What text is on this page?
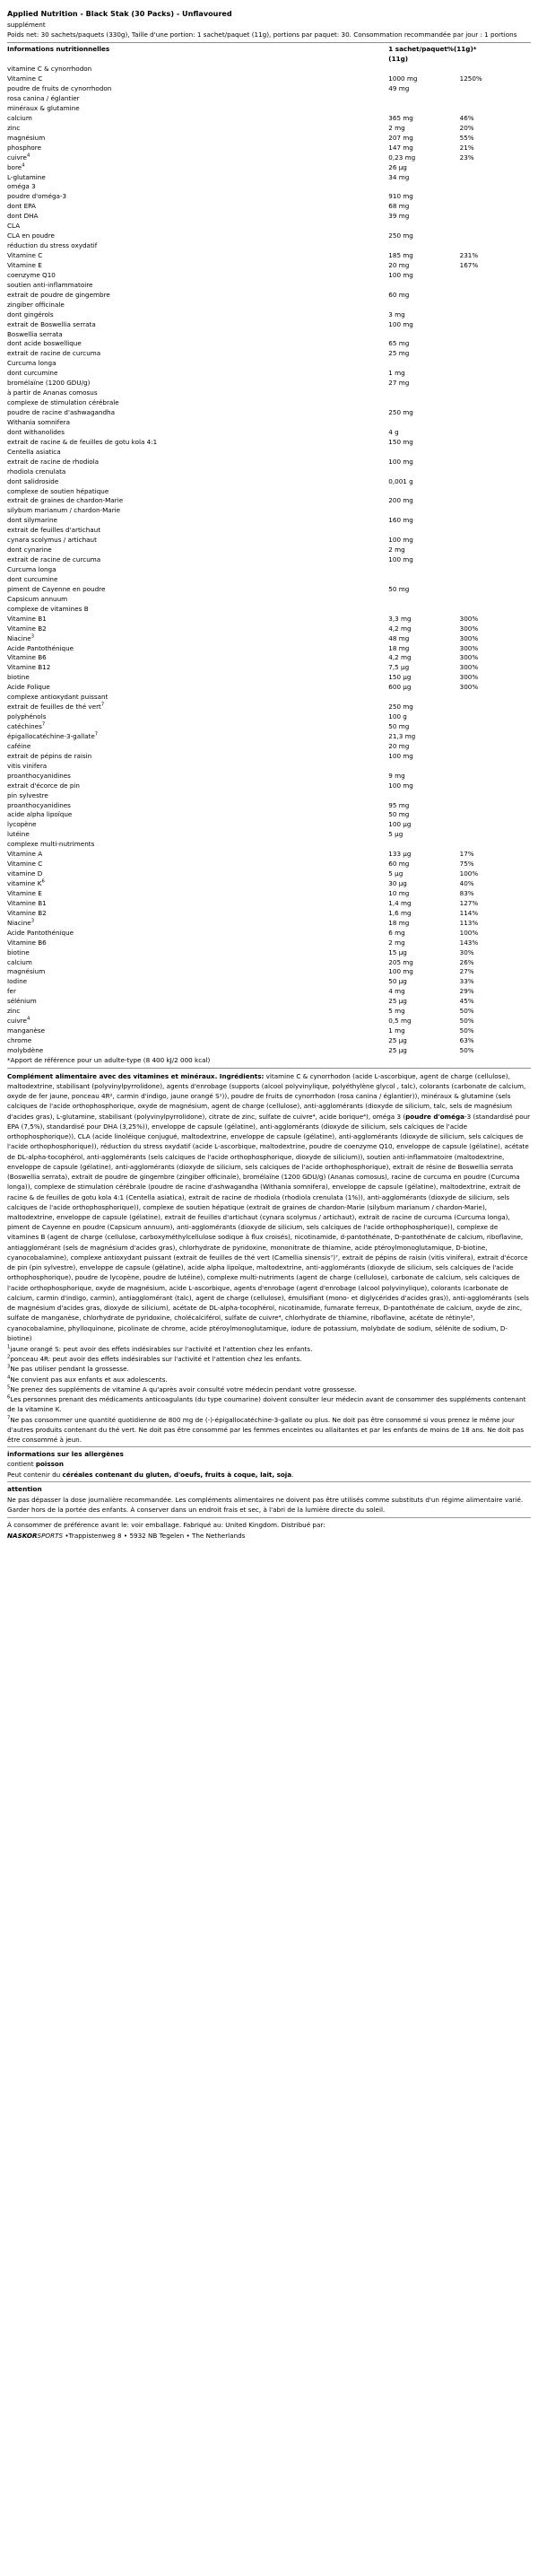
Applied Nutrition - Black Stak (30 Packs) - Unflavoured
supplément
Poids net: 30 sachets/paquets (330g), Taille d'une portion: 1 sachet/paquet (11g), portions par paquet: 30. Consommation recommandée par jour : 1 portions
Informations nutritionnelles	1 sachet/paquet%(11g)*	
	(11g)	
vitamine C & cynorrhodon		
Vitamine C	1000 mg	1250%
poudre de fruits de cynorrhodon	49 mg	
rosa canina / églantier		
minéraux & glutamine		
calcium	365 mg	46%
zinc	2 mg	20%
magnésium	207 mg	55%
phosphore	147 mg	21%
cuivre$^4$	0,23 mg	23%
bore$^4$	26 µg	
L-glutamine	34 mg	
oméga 3		
poudre d'oméga-3	910 mg	
dont EPA	68 mg	
dont DHA	39 mg	
CLA		
CLA en poudre	250 mg	
réduction du stress oxydatif		
Vitamine C	185 mg	231%
Vitamine E	20 mg	167%
coenzyme Q10	100 mg	
soutien anti-inflammatoire		
extrait de poudre de gingembre	60 mg	
zingiber officinale		
dont gingérols	3 mg	
extrait de Boswellia serrata	100 mg	
Boswellia serrata		
dont acide boswellique	65 mg	
extrait de racine de curcuma	25 mg	
Curcuma longa		
dont curcumine	1 mg	
bromélaïne (1200 GDU/g)	27 mg	
à partir de Ananas comosus		
complexe de stimulation cérébrale		
poudre de racine d'ashwagandha	250 mg	
Withania somnifera		
dont withanolides	4 g	
extrait de racine & de feuilles de gotu kola 4:1	150 mg	
Centella asiatica		
extrait de racine de rhodiola	100 mg	
rhodiola crenulata		
dont salidroside	0,001 g	
complexe de soutien hépatique		
extrait de graines de chardon-Marie	200 mg	
silybum marianum / chardon-Marie		
dont silymarine	160 mg	
extrait de feuilles d'artichaut		
cynara scolymus / artichaut	100 mg	
dont cynarine	2 mg	
extrait de racine de curcuma	100 mg	
Curcuma longa		
dont curcumine		
piment de Cayenne en poudre	50 mg	
Capsicum annuum		
complexe de vitamines B		
Vitamine B1	3,3 mg	300%
Vitamine B2	4,2 mg	300%
Niacine$^3$	48 mg	300%
Acide Pantothénique	18 mg	300%
Vitamine B6	4,2 mg	300%
Vitamine B12	7,5 µg	300%
biotine	150 µg	300%
Acide Folique	600 µg	300%
complexe antioxydant puissant		
extrait de feuilles de thé vert$^7$	250 mg	
polyphénols	100 g	
catéchines$^7$	50 mg	
épigallocatéchine-3-gallate$^7$	21,3 mg	
caféine	20 mg	
extrait de pépins de raisin	100 mg	
vitis vinifera		
proanthocyanidines	9 mg	
extrait d'écorce de pin	100 mg	
pin sylvestre		
proanthocyanidines	95 mg	
acide alpha lipoïque	50 mg	
lycopène	100 µg	
lutéine	5 µg	
complexe multi-nutriments		
Vitamine A	133 µg	17%
Vitamine C	60 mg	75%
vitamine D	5 µg	100%
vitamine K$^6$	30 µg	40%
Vitamine E	10 mg	83%
Vitamine B1	1,4 mg	127%
Vitamine B2	1,6 mg	114%
Niacine$^3$	18 mg	113%
Acide Pantothénique	6 mg	100%
Vitamine B6	2 mg	143%
biotine	15 µg	30%
calcium	205 mg	26%
magnésium	100 mg	27%
Iodine	50 µg	33%
fer	4 mg	29%
sélénium	25 µg	45%
zinc	5 mg	50%
cuivre$^4$	0,5 mg	50%
manganèse	1 mg	50%
chrome	25 µg	63%
molybdène	25 µg	50%
*Apport de référence pour un adulte-type (8 400 kJ/2 000 kcal)

Complément alimentaire avec des vitamines et minéraux. Ingrédients: vitamine C & cynorrhodon (acide L-ascorbique, agent de charge (cellulose), maltodextrine, stabilisant (polyvinylpyrrolidone), agents d'enrobage (supports (alcool polyvinylique, polyéthylène glycol , talc), colorants (carbonate de calcium, oxyde de fer jaune, ponceau 4R², carmin d'indigo, jaune orangé S¹)), poudre de fruits de cynorrhodon (rosa canina / églantier)), minéraux & glutamine (sels calciques de l'acide orthophosphorique, oxyde de magnésium, agent de charge (cellulose), anti-agglomérants (dioxyde de silicium, talc, sels de magnésium d'acides gras), L-glutamine, stabilisant (polyvinylpyrrolidone), citrate de zinc, sulfate de cuivre⁴, acide borique⁴), oméga 3 (poudre d'oméga-3 (standardisé pour EPA (7,5%), standardisé pour DHA (3,25%)), enveloppe de capsule (gélatine), anti-agglomérants (dioxyde de silicium, sels calciques de l'acide orthophosphorique)), CLA (acide linoléique conjugué, maltodextrine, enveloppe de capsule (gélatine), anti-agglomérants (dioxyde de silicium, sels calciques de l'acide orthophosphorique)), réduction du stress oxydatif (acide L-ascorbique, maltodextrine, poudre de coenzyme Q10, enveloppe de capsule (gélatine), acétate de DL-alpha-tocophérol, anti-agglomérants (sels calciques de l'acide orthophosphorique, dioxyde de silicium)), soutien anti-inflammatoire (maltodextrine, enveloppe de capsule (gélatine), anti-agglomérants (dioxyde de silicium, sels calciques de l'acide orthophosphorique), extrait de résine de Boswellia serrata (Boswellia serrata), extrait de poudre de gingembre (zingiber officinale), bromélaïne (1200 GDU/g) (Ananas comosus), racine de curcuma en poudre (Curcuma longa)), complexe de stimulation cérébrale (poudre de racine d'ashwagandha (Withania somnifera), enveloppe de capsule (gélatine), maltodextrine, extrait de racine & de feuilles de gotu kola 4:1 (Centella asiatica), extrait de racine de rhodiola (rhodiola crenulata (1%)), anti-agglomérants (dioxyde de silicium, sels calciques de l'acide orthophosphorique)), complexe de soutien hépatique (extrait de graines de chardon-Marie (silybum marianum / chardon-Marie), maltodextrine, enveloppe de capsule (gélatine), extrait de feuilles d'artichaut (cynara scolymus / artichaut), extrait de racine de curcuma (Curcuma longa), piment de Cayenne en poudre (Capsicum annuum), anti-agglomérants (dioxyde de silicium, sels calciques de l'acide orthophosphorique)), complexe de vitamines B (agent de charge (cellulose, carboxyméthylcellulose sodique à flux croisés), nicotinamide, d-pantothénate, D-pantothénate de calcium, riboflavine, antiagglomérant (sels de magnésium d'acides gras), chlorhydrate de pyridoxine, mononitrate de thiamine, acide ptéroylmonoglutamique, D-biotine, cyanocobalamine), complexe antioxydant puissant (extrait de feuilles de thé vert (Camellia sinensis⁷)⁷, extrait de pépins de raisin (vitis vinifera), extrait d'écorce de pin (pin sylvestre), enveloppe de capsule (gélatine), acide alpha lipoïque, maltodextrine, anti-agglomérants (dioxyde de silicium, sels calciques de l'acide orthophosphorique), poudre de lycopène, poudre de lutéine), complexe multi-nutriments (agent de charge (cellulose), carbonate de calcium, sels calciques de l'acide orthophosphorique, oxyde de magnésium, acide L-ascorbique, agents d'enrobage (agent d'enrobage (alcool polyvinylique), colorants (carbonate de calcium, carmin d'indigo, carmin), antiagglomérant (talc), agent de charge (cellulose), émulsifiant (mono- et diglycérides d'acides gras)), anti-agglomérants (sels de magnésium d'acides gras, dioxyde de silicium), acétate de DL-alpha-tocophérol, nicotinamide, fumarate ferreux, D-pantothénate de calcium, oxyde de zinc, sulfate de manganèse, chlorhydrate de pyridoxine, cholécalciférol, sulfate de cuivre⁴, chlorhydrate de thiamine, riboflavine, acétate de rétinyle³, cyanocobalamine, phylloquinone, picolinate de chrome, acide ptéroylmonoglutamique, iodure de potassium, molybdate de sodium, sélénite de sodium, D-biotine)

$^1$jaune orangé S: peut avoir des effets indésirables sur l'activité et l'attention chez les enfants.

$^2$ponceau 4R: peut avoir des effets indésirables sur l'activité et l'attention chez les enfants.

$^3$Ne pas utiliser pendant la grossesse.

$^4$Ne convient pas aux enfants et aux adolescents.

$^5$Ne prenez des suppléments de vitamine A qu'après avoir consulté votre médecin pendant votre grossesse.

$^6$Les personnes prenant des médicaments anticoagulants (du type coumarine) doivent consulter leur médecin avant de consommer des suppléments contenant de la vitamine K.

$^7$Ne pas consommer une quantité quotidienne de 800 mg de (-)-épigallocatéchine-3-gallate ou plus. Ne doit pas être consommé si vous prenez le même jour d'autres produits contenant du thé vert. Ne doit pas être consommé par les femmes enceintes ou allaitantes et par les enfants de moins de 18 ans. Ne doit pas être consommé à jeun.

informations sur les allergènes
contient poisson
Peut contenir du céréales contenant du gluten, d'oeufs, fruits à coque, lait, soja.
attention

Ne pas dépasser la dose journalière recommandée. Les compléments alimentaires ne doivent pas être utilisés comme substituts d'un régime alimentaire varié. Garder hors de la portée des enfants. À conserver dans un endroit frais et sec, à l'abri de la lumière directe du soleil.

À consommer de préférence avant le: voir emballage. Fabriqué au: United Kingdom. Distribué par:
NASKORSPORTS •Trappistenweg 8 • 5932 NB Tegelen • The Netherlands
